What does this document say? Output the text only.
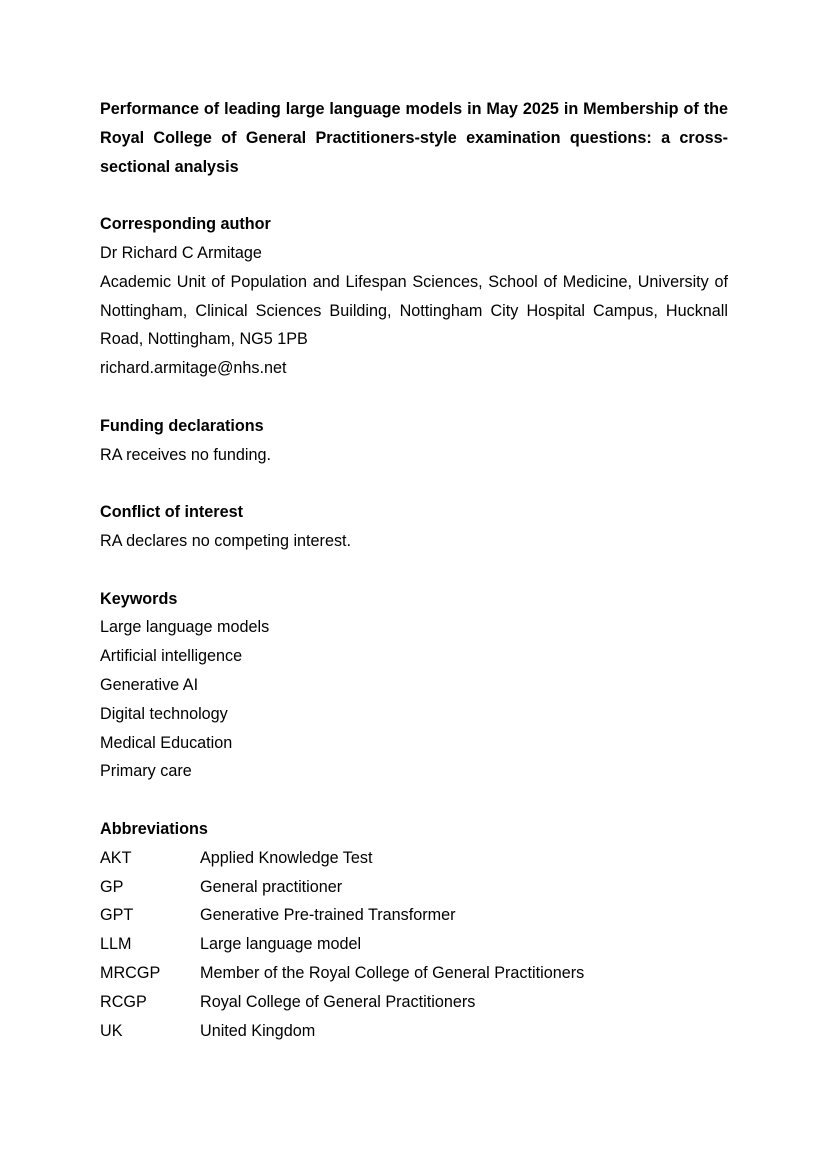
Performance of leading large language models in May 2025 in Membership of the Royal College of General Practitioners-style examination questions: a cross-sectional analysis

Corresponding author

Dr Richard C Armitage

Academic Unit of Population and Lifespan Sciences, School of Medicine, University of Nottingham, Clinical Sciences Building, Nottingham City Hospital Campus, Hucknall Road, Nottingham, NG5 1PB

richard.armitage@nhs.net

Funding declarations

RA receives no funding.

Conflict of interest

RA declares no competing interest.

Keywords

Large language models

Artificial intelligence

Generative AI

Digital technology

Medical Education

Primary care

Abbreviations

AKT	Applied Knowledge Test
GP	General practitioner
GPT	Generative Pre-trained Transformer
LLM	Large language model
MRCGP	Member of the Royal College of General Practitioners
RCGP	Royal College of General Practitioners
UK	United Kingdom
